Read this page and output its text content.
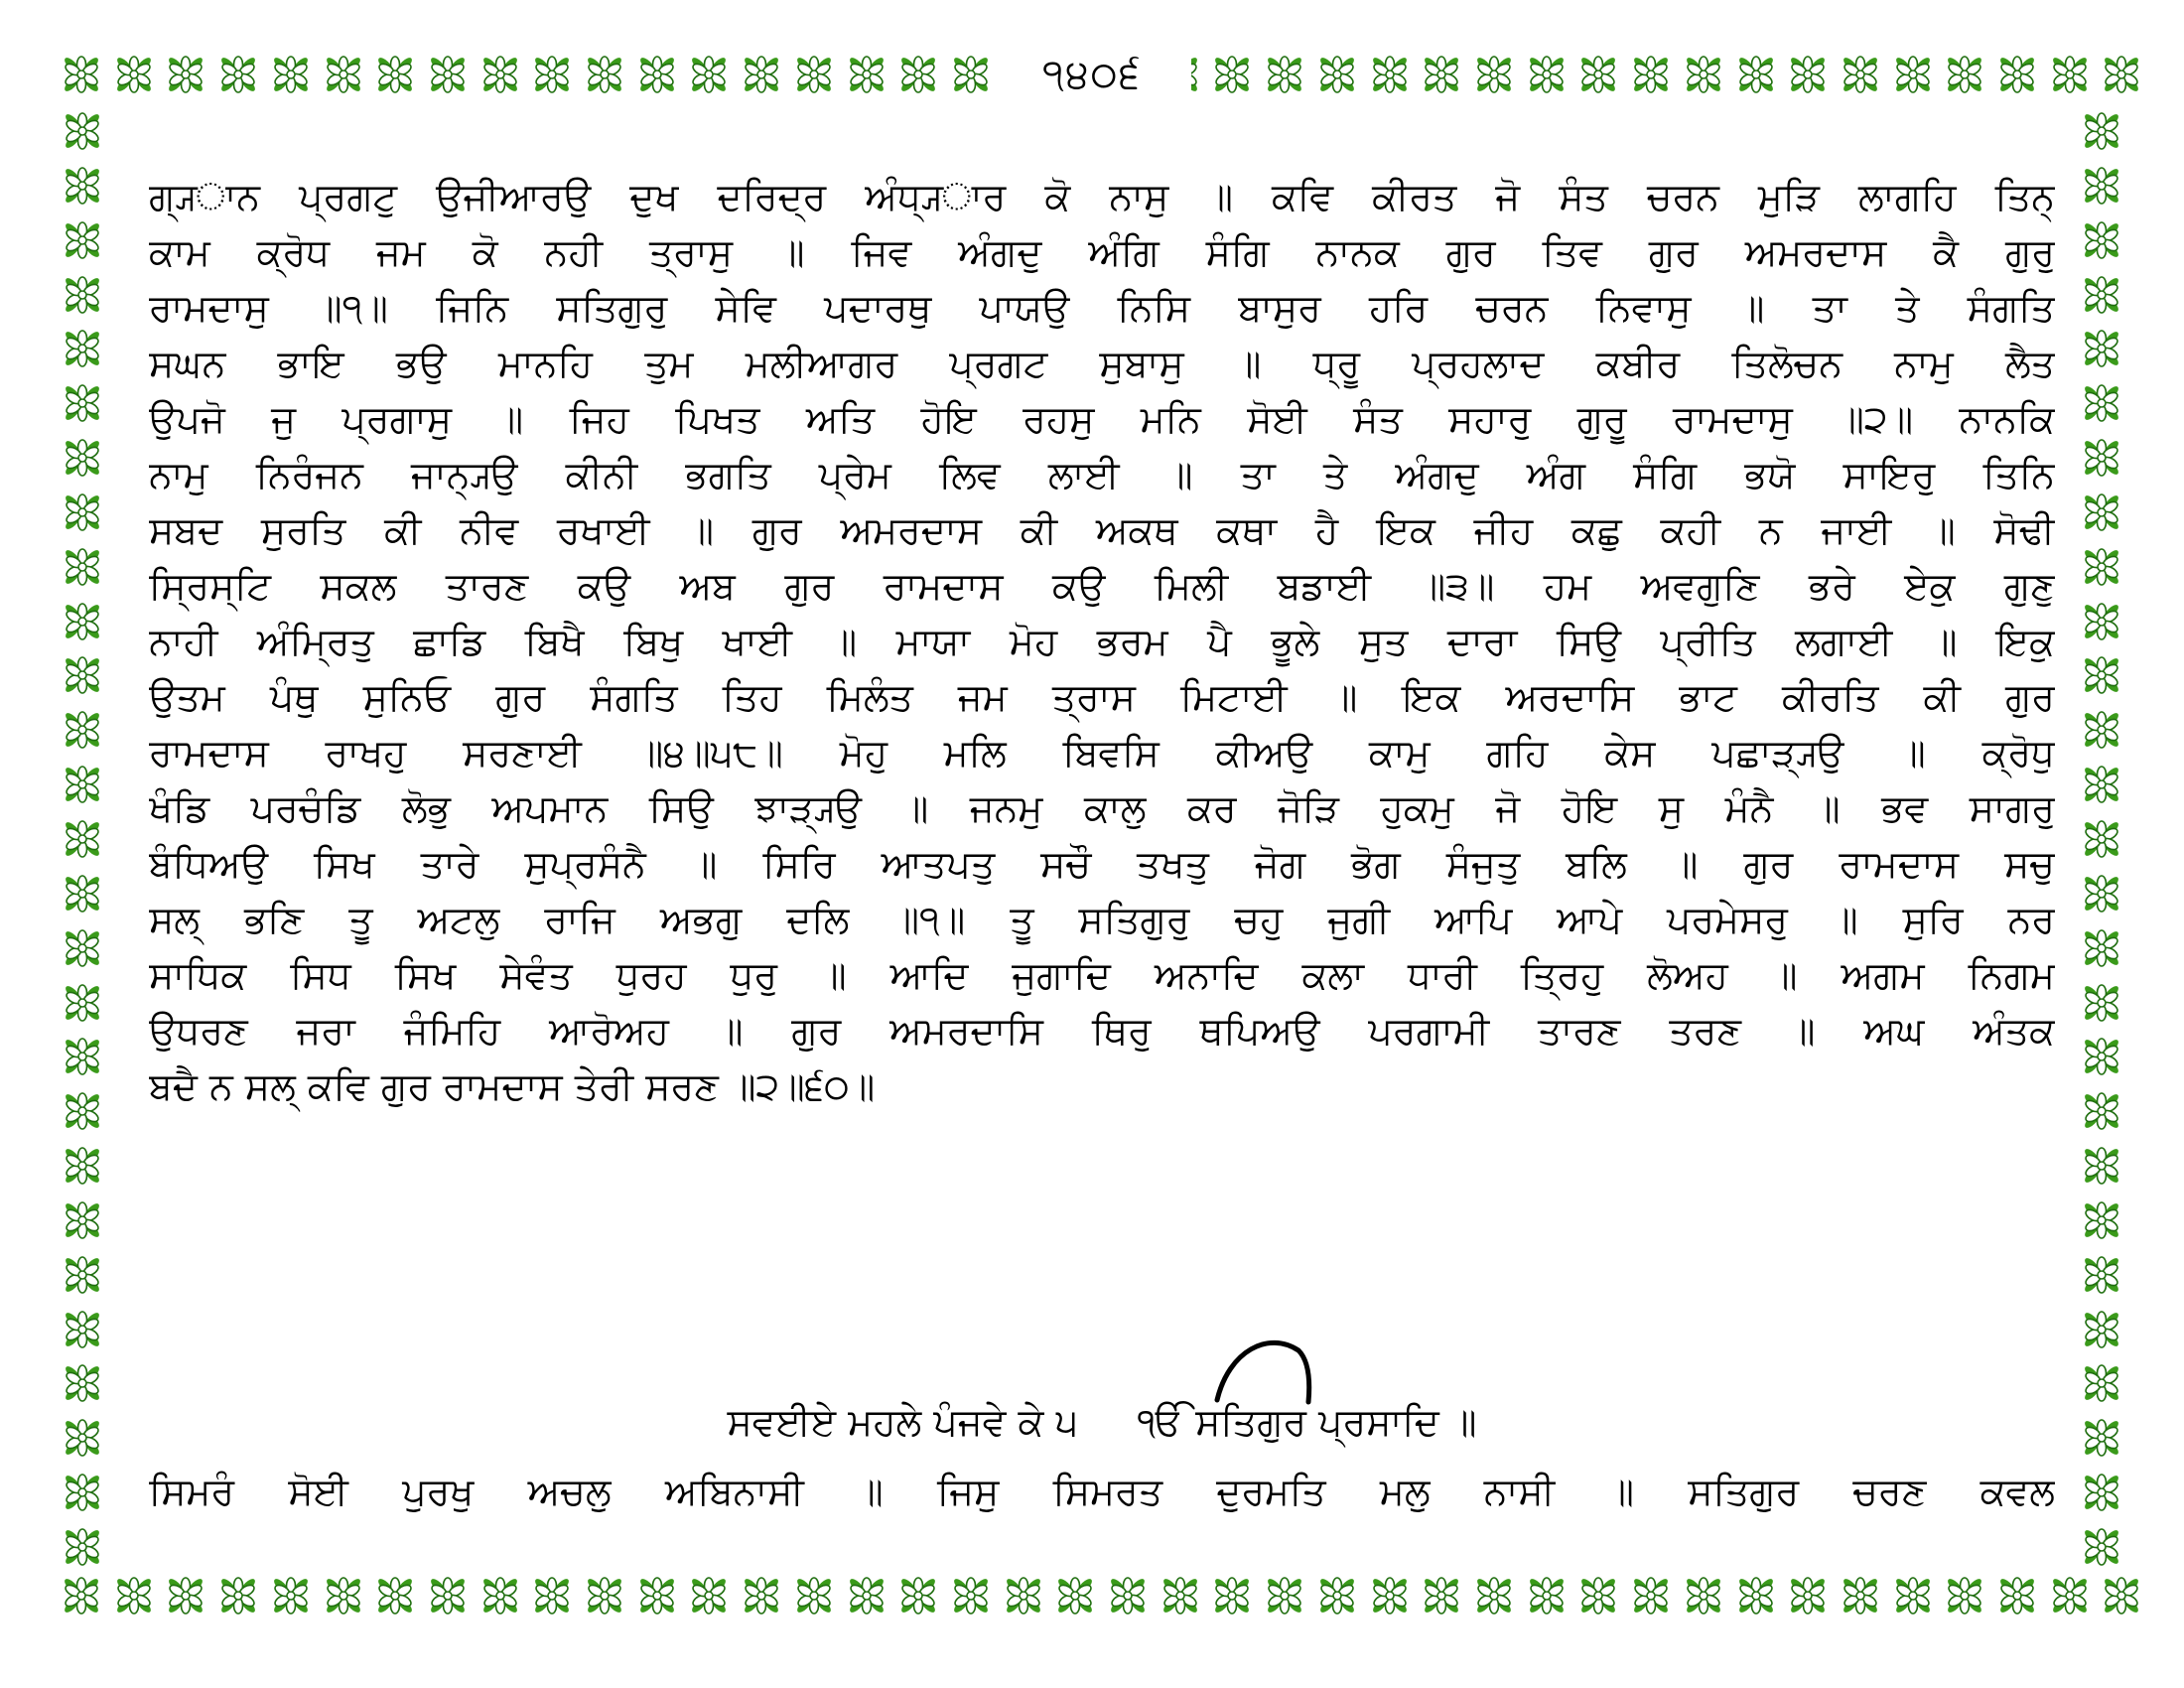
੧੪੦੬
ਗ੍ਯ੍ਾਨ ਪ੍ਰਗਟੁ ਉਜੀਆਰਉ ਦੁਖ ਦਰਿਦ੍ਰ ਅੰਧ੍ਯ੍ਾਰ ਕੋ ਨਾਸੁ ॥ ਕਵਿ ਕੀਰਤ ਜੋ ਸੰਤ ਚਰਨ ਮੁੜਿ ਲਾਗਹਿ ਤਿਨ੍
ਕਾਮ ਕ੍ਰੋਧ ਜਮ ਕੋ ਨਹੀ ਤ੍ਰਾਸੁ ॥ ਜਿਵ ਅੰਗਦੁ ਅੰਗਿ ਸੰਗਿ ਨਾਨਕ ਗੁਰ ਤਿਵ ਗੁਰ ਅਮਰਦਾਸ ਕੈ ਗੁਰੁ
ਰਾਮਦਾਸੁ ॥੧॥ ਜਿਨਿ ਸਤਿਗੁਰੁ ਸੇਵਿ ਪਦਾਰਥੁ ਪਾਯਉ ਨਿਸਿ ਬਾਸੁਰ ਹਰਿ ਚਰਨ ਨਿਵਾਸੁ ॥ ਤਾ ਤੇ ਸੰਗਤਿ
ਸਘਨ ਭਾਇ ਭਉ ਮਾਨਹਿ ਤੁਮ ਮਲੀਆਗਰ ਪ੍ਰਗਟ ਸੁਬਾਸੁ ॥ ਧ੍ਰੂ ਪ੍ਰਹਲਾਦ ਕਬੀਰ ਤਿਲੋਚਨ ਨਾਮੁ ਲੈਤ
ਉਪਜੋ ਜੁ ਪ੍ਰਗਾਸੁ ॥ ਜਿਹ ਪਿਖਤ ਅਤਿ ਹੋਇ ਰਹਸੁ ਮਨਿ ਸੋਈ ਸੰਤ ਸਹਾਰੁ ਗੁਰੂ ਰਾਮਦਾਸੁ ॥੨॥ ਨਾਨਕਿ
ਨਾਮੁ ਨਿਰੰਜਨ ਜਾਨ੍ਯ੍ਉ ਕੀਨੀ ਭਗਤਿ ਪ੍ਰੇਮ ਲਿਵ ਲਾਈ ॥ ਤਾ ਤੇ ਅੰਗਦੁ ਅੰਗ ਸੰਗਿ ਭਯੋ ਸਾਇਰੁ ਤਿਨਿ
ਸਬਦ ਸੁਰਤਿ ਕੀ ਨੀਵ ਰਖਾਈ ॥ ਗੁਰ ਅਮਰਦਾਸ ਕੀ ਅਕਥ ਕਥਾ ਹੈ ਇਕ ਜੀਹ ਕਛੁ ਕਹੀ ਨ ਜਾਈ ॥ ਸੋਢੀ
ਸ੍ਰਿਸ੍ਟਿ ਸਕਲ ਤਾਰਣ ਕਉ ਅਬ ਗੁਰ ਰਾਮਦਾਸ ਕਉ ਮਿਲੀ ਬਡਾਈ ॥੩॥ ਹਮ ਅਵਗੁਣਿ ਭਰੇ ਏਕੁ ਗੁਣੁ
ਨਾਹੀ ਅੰਮ੍ਰਿਤੁ ਛਾਡਿ ਬਿਖੈ ਬਿਖੁ ਖਾਈ ॥ ਮਾਯਾ ਮੋਹ ਭਰਮ ਪੈ ਭੂਲੇ ਸੁਤ ਦਾਰਾ ਸਿਉ ਪ੍ਰੀਤਿ ਲਗਾਈ ॥ ਇਕੁ
ਉਤਮ ਪੰਥੁ ਸੁਨਿਓ ਗੁਰ ਸੰਗਤਿ ਤਿਹ ਮਿਲੰਤ ਜਮ ਤ੍ਰਾਸ ਮਿਟਾਈ ॥ ਇਕ ਅਰਦਾਸਿ ਭਾਟ ਕੀਰਤਿ ਕੀ ਗੁਰ
ਰਾਮਦਾਸ ਰਾਖਹੁ ਸਰਣਾਈ ॥੪॥੫੮॥ ਮੋਹੁ ਮਲਿ ਬਿਵਸਿ ਕੀਅਉ ਕਾਮੁ ਗਹਿ ਕੇਸ ਪਛਾੜ੍ਯ੍ਉ ॥ ਕ੍ਰੋਧੁ
ਖੰਡਿ ਪਰਚੰਡਿ ਲੋਭੁ ਅਪਮਾਨ ਸਿਉ ਝਾੜ੍ਯ੍ਉ ॥ ਜਨਮੁ ਕਾਲੁ ਕਰ ਜੋੜਿ ਹੁਕਮੁ ਜੋ ਹੋਇ ਸੁ ਮੰਨੈ ॥ ਭਵ ਸਾਗਰੁ
ਬੰਧਿਅਉ ਸਿਖ ਤਾਰੇ ਸੁਪ੍ਰਸੰਨੈ ॥ ਸਿਰਿ ਆਤਪਤੁ ਸਚੌ ਤਖਤੁ ਜੋਗ ਭੋਗ ਸੰਜੁਤੁ ਬਲਿ ॥ ਗੁਰ ਰਾਮਦਾਸ ਸਚੁ
ਸਲ੍ ਭਣਿ ਤੂ ਅਟਲੁ ਰਾਜਿ ਅਭਗੁ ਦਲਿ ॥੧॥ ਤੂ ਸਤਿਗੁਰੁ ਚਹੁ ਜੁਗੀ ਆਪਿ ਆਪੇ ਪਰਮੇਸਰੁ ॥ ਸੁਰਿ ਨਰ
ਸਾਧਿਕ ਸਿਧ ਸਿਖ ਸੇਵੰਤ ਧੁਰਹ ਧੁਰੁ ॥ ਆਦਿ ਜੁਗਾਦਿ ਅਨਾਦਿ ਕਲਾ ਧਾਰੀ ਤ੍ਰਿਹੁ ਲੋਅਹ ॥ ਅਗਮ ਨਿਗਮ
ਉਧਰਣ ਜਰਾ ਜੰਮਿਹਿ ਆਰੋਅਹ ॥ ਗੁਰ ਅਮਰਦਾਸਿ ਥਿਰੁ ਥਪਿਅਉ ਪਰਗਾਮੀ ਤਾਰਣ ਤਰਣ ॥ ਅਘ ਅੰਤਕ
ਬਦੈ ਨ ਸਲ੍ ਕਵਿ ਗੁਰ ਰਾਮਦਾਸ ਤੇਰੀ ਸਰਣ ॥੨॥੬੦॥
ਸਵਈਏ ਮਹਲੇ ਪੰਜਵੇ ਕੇ ੫ ੴ ਸਤਿਗੁਰ ਪ੍ਰਸਾਦਿ ॥
ਸਿਮਰੰ ਸੋਈ ਪੁਰਖੁ ਅਚਲੁ ਅਬਿਨਾਸੀ ॥ ਜਿਸੁ ਸਿਮਰਤ ਦੁਰਮਤਿ ਮਲੁ ਨਾਸੀ ॥ ਸਤਿਗੁਰ ਚਰਣ ਕਵਲ
